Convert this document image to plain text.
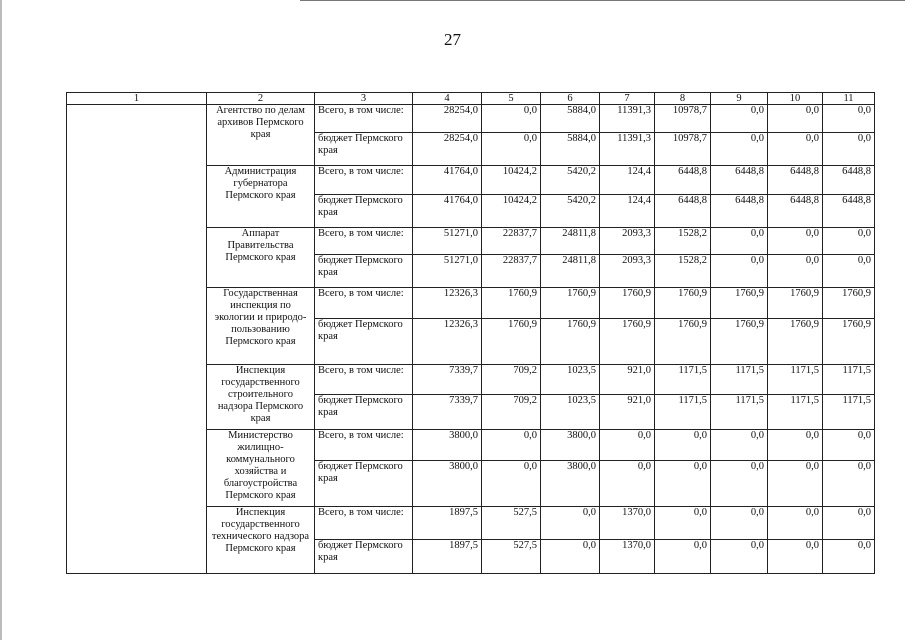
27
1	2	3	4	5	6	7	8	9	10	11
	Агентство по делам архивов Пермского края	Всего, в том числе:	28254,0	0,0	5884,0	11391,3	10978,7	0,0	0,0	0,0
		бюджет Пермского края	28254,0	0,0	5884,0	11391,3	10978,7	0,0	0,0	0,0
	Администрация губернатора Пермского края	Всего, в том числе:	41764,0	10424,2	5420,2	124,4	6448,8	6448,8	6448,8	6448,8
		бюджет Пермского края	41764,0	10424,2	5420,2	124,4	6448,8	6448,8	6448,8	6448,8
	Аппарат Правительства Пермского края	Всего, в том числе:	51271,0	22837,7	24811,8	2093,3	1528,2	0,0	0,0	0,0
		бюджет Пермского края	51271,0	22837,7	24811,8	2093,3	1528,2	0,0	0,0	0,0
	Государственная инспекция по экологии и природо-пользованию Пермского края	Всего, в том числе:	12326,3	1760,9	1760,9	1760,9	1760,9	1760,9	1760,9	1760,9
		бюджет Пермского края	12326,3	1760,9	1760,9	1760,9	1760,9	1760,9	1760,9	1760,9
	Инспекция государственного строительного надзора Пермского края	Всего, в том числе:	7339,7	709,2	1023,5	921,0	1171,5	1171,5	1171,5	1171,5
		бюджет Пермского края	7339,7	709,2	1023,5	921,0	1171,5	1171,5	1171,5	1171,5
	Министерство жилищно-коммунального хозяйства и благоустройства Пермского края	Всего, в том числе:	3800,0	0,0	3800,0	0,0	0,0	0,0	0,0	0,0
		бюджет Пермского края	3800,0	0,0	3800,0	0,0	0,0	0,0	0,0	0,0
	Инспекция государственного технического надзора Пермского края	Всего, в том числе:	1897,5	527,5	0,0	1370,0	0,0	0,0	0,0	0,0
		бюджет Пермского края	1897,5	527,5	0,0	1370,0	0,0	0,0	0,0	0,0
